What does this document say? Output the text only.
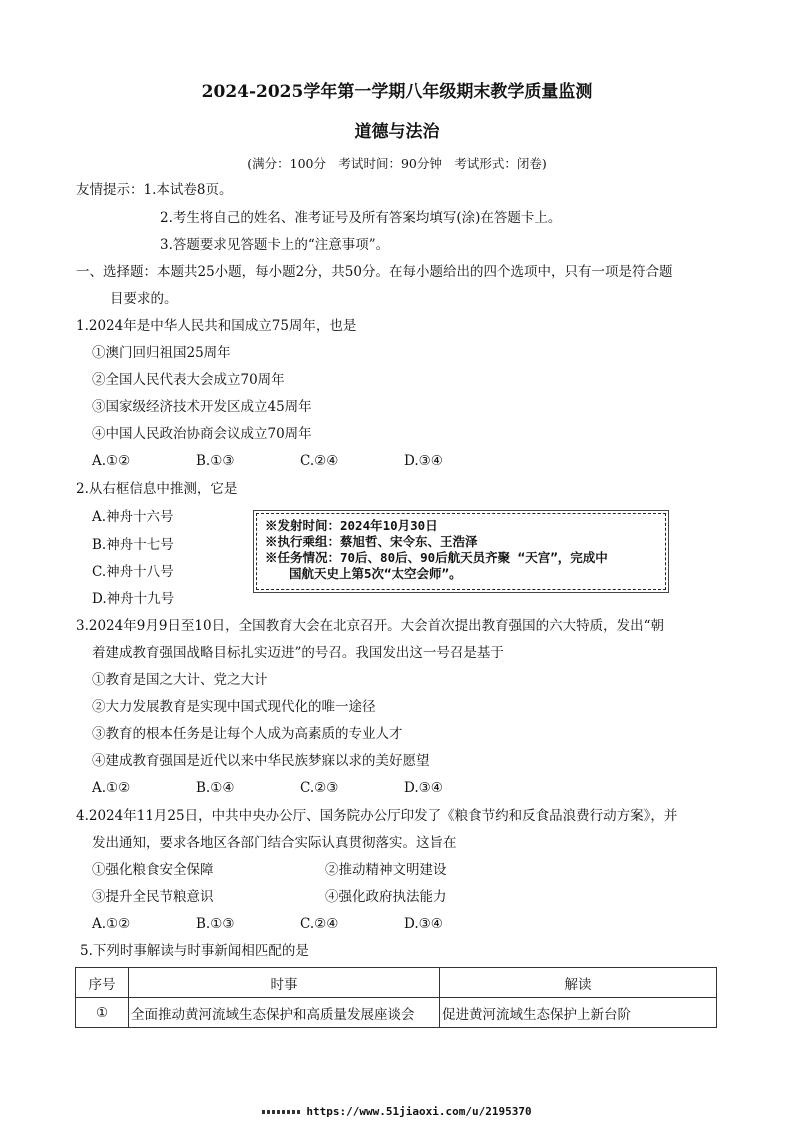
2024-2025学年第一学期八年级期末教学质量监测
道德与法治
(满分：100分　考试时间：90分钟　考试形式：闭卷)
友情提示：1.本试卷8页。
2.考生将自己的姓名、准考证号及所有答案均填写(涂)在答题卡上。
3.答题要求见答题卡上的“注意事项”。
一、选择题：本题共25小题，每小题2分，共50分。在每小题给出的四个选项中，只有一项是符合题
目要求的。
1.2024年是中华人民共和国成立75周年，也是
①澳门回归祖国25周年
②全国人民代表大会成立70周年
③国家级经济技术开发区成立45周年
④中国人民政治协商会议成立70周年
A.①②	B.①③	C.②④	D.③④
2.从右框信息中推测，它是
A.神舟十六号
B.神舟十七号
C.神舟十八号
D.神舟十九号
※发射时间：2024年10月30日
※执行乘组：蔡旭哲、宋令东、王浩泽
※任务情况：70后、80后、90后航天员齐聚 “天宫”，完成中
国航天史上第5次“太空会师”。
3.2024年9月9日至10日，全国教育大会在北京召开。大会首次提出教育强国的六大特质，发出“朝
着建成教育强国战略目标扎实迈进”的号召。我国发出这一号召是基于
①教育是国之大计、党之大计
②大力发展教育是实现中国式现代化的唯一途径
③教育的根本任务是让每个人成为高素质的专业人才
④建成教育强国是近代以来中华民族梦寐以求的美好愿望
A.①②	B.①④	C.②③	D.③④
4.2024年11月25日，中共中央办公厅、国务院办公厅印发了《粮食节约和反食品浪费行动方案》，并
发出通知，要求各地区各部门结合实际认真贯彻落实。这旨在
①强化粮食安全保障	②推动精神文明建设
③提升全民节粮意识	④强化政府执法能力
A.①②	B.①③	C.②④	D.③④
5.下列时事解读与时事新闻相匹配的是
序号	时事	解读
①	全面推动黄河流域生态保护和高质量发展座谈会	促进黄河流域生态保护上新台阶
https://www.51jiaoxi.com/u/2195370
